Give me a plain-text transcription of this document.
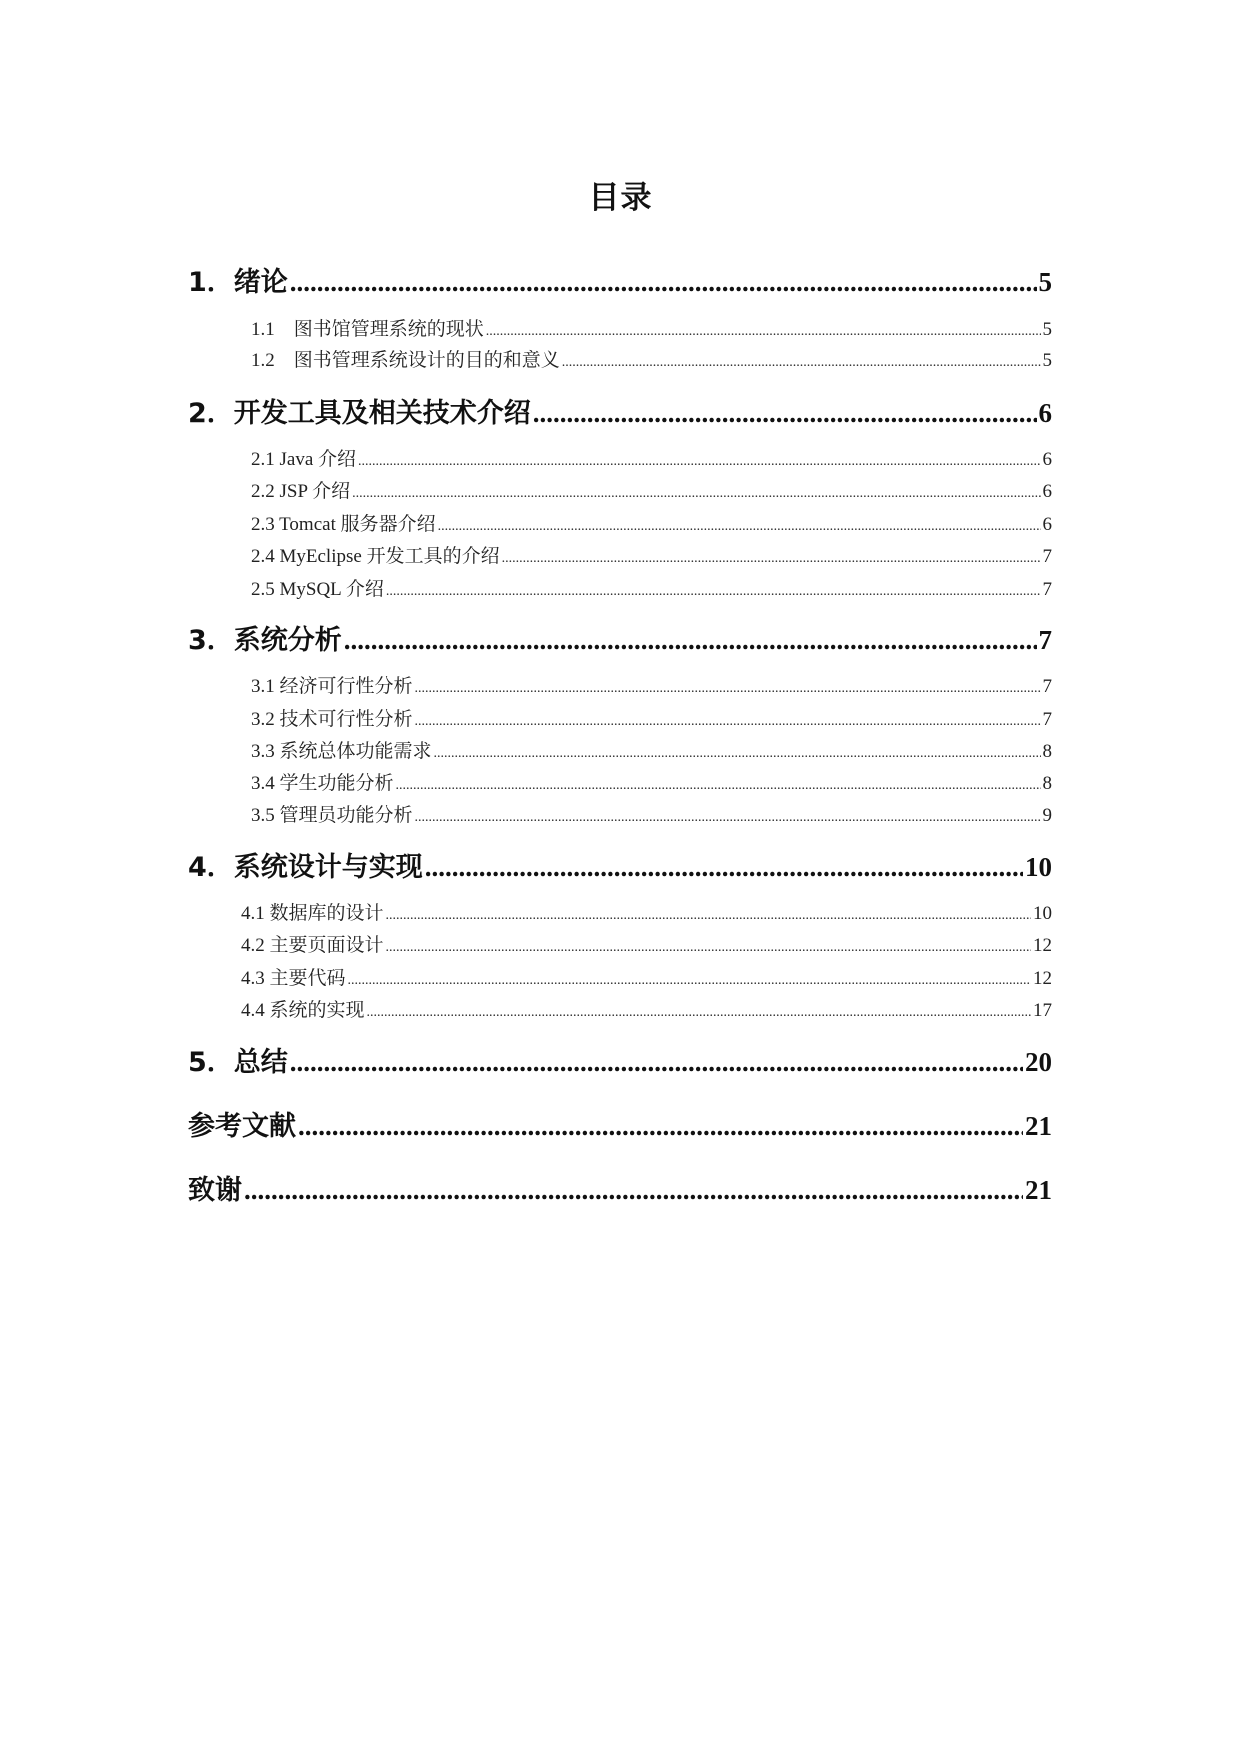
目录
1．绪论 .....	5
1.1　图书馆管理系统的现状 .....	5
1.2　图书管理系统设计的目的和意义 .....	5
2．开发工具及相关技术介绍 .....	6
2.1 Java 介绍 .....	6
2.2 JSP 介绍 .....	6
2.3 Tomcat 服务器介绍 .....	6
2.4 MyEclipse 开发工具的介绍 .....	7
2.5 MySQL 介绍 .....	7
3．系统分析 .....	7
3.1 经济可行性分析 .....	7
3.2 技术可行性分析 .....	7
3.3 系统总体功能需求 .....	8
3.4 学生功能分析 .....	8
3.5 管理员功能分析 .....	9
4．系统设计与实现 .....	10
4.1 数据库的设计 .....	10
4.2 主要页面设计 .....	12
4.3 主要代码 .....	12
4.4 系统的实现 .....	17
5．总结 .....	20
参考文献 .....	21
致谢 .....	21
